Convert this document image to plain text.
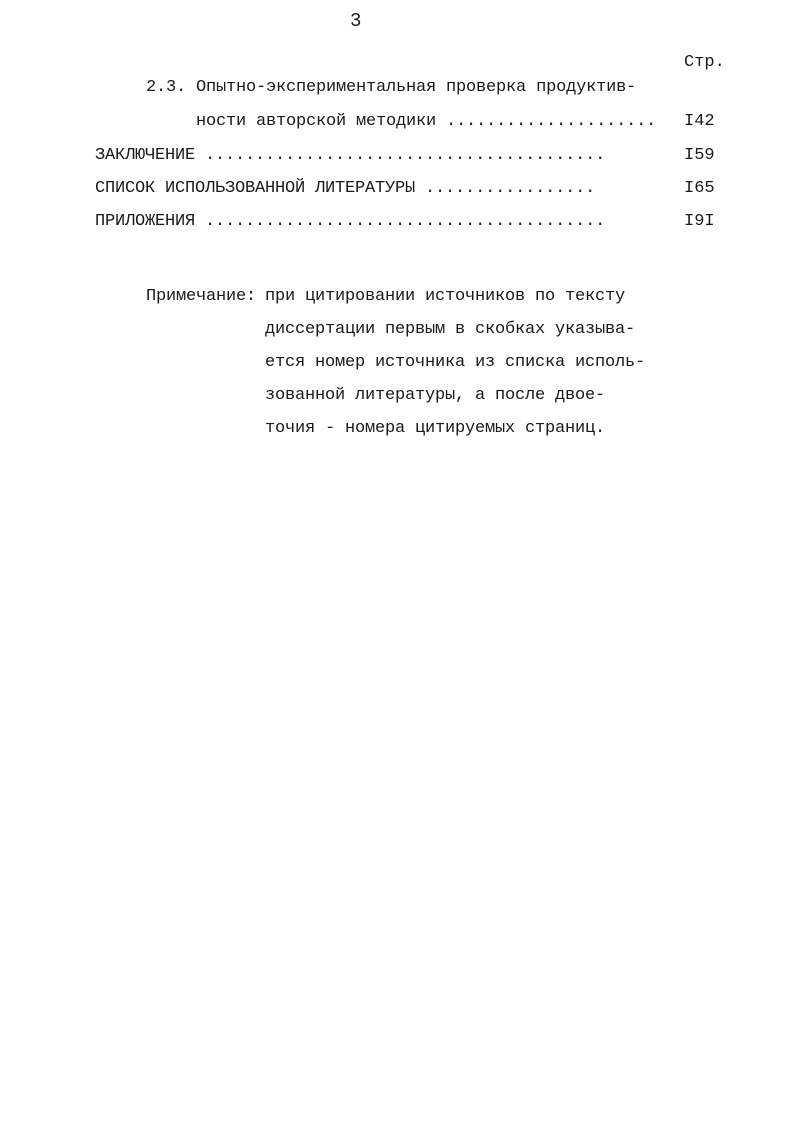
3
Стр.
2.3. Опытно-экспериментальная проверка продуктив-
ности авторской методики ..................... I42
ЗАКЛЮЧЕНИЕ ........................................	I59
СПИСОК ИСПОЛЬЗОВАННОЙ ЛИТЕРАТУРЫ .................	I65
ПРИЛОЖЕНИЯ ........................................	I9I
Примечание: при цитировании источников по тексту
диссертации первым в скобках указыва-
ется номер источника из списка исполь-
зованной литературы, а после двое-
точия - номера цитируемых страниц.
